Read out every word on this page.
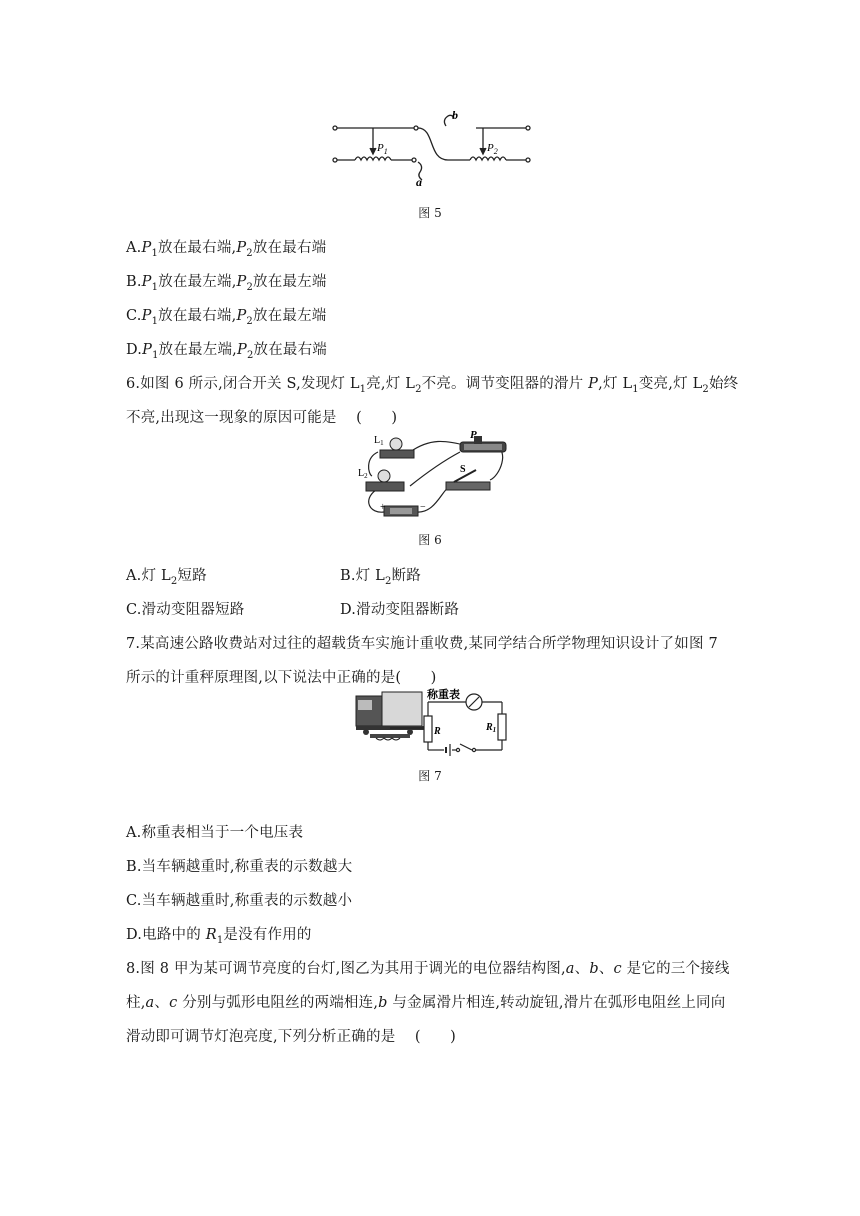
b
a
$P_1$	$P_2$
图 5
$A.P_1$放在最右端$,P_2$放在最右端
$B.P_1$放在最左端$,P_2$放在最左端
$C.P_1$放在最右端$,P_2$放在最左端
$D.P_1$放在最左端$,P_2$放在最右端
6.如图 6 所示,闭合开关 S,发现灯 $L_1$亮,灯 $L_2$不亮。调节变阻器的滑片 P,灯 $L_1$变亮,灯 $L_2$始终
不亮,出现这一现象的原因可能是　 (　　)
$L_1$
$L_2$
P
S
+	−
图 6
A.灯 $L_2$短路	B.灯 $L_2$断路
C.滑动变阻器短路	D.滑动变阻器断路
7.某高速公路收费站对过往的超载货车实施计重收费,某同学结合所学物理知识设计了如图 7
所示的计重秤原理图,以下说法中正确的是(　　)
称重表
R	$R_1$
图 7
A.称重表相当于一个电压表
B.当车辆越重时,称重表的示数越大
C.当车辆越重时,称重表的示数越小
D.电路中的 $R_1$是没有作用的
8.图 8 甲为某可调节亮度的台灯,图乙为其用于调光的电位器结构图,a、b、c 是它的三个接线
柱,a、c 分别与弧形电阻丝的两端相连,b 与金属滑片相连,转动旋钮,滑片在弧形电阻丝上同向
滑动即可调节灯泡亮度,下列分析正确的是　 (　　)
